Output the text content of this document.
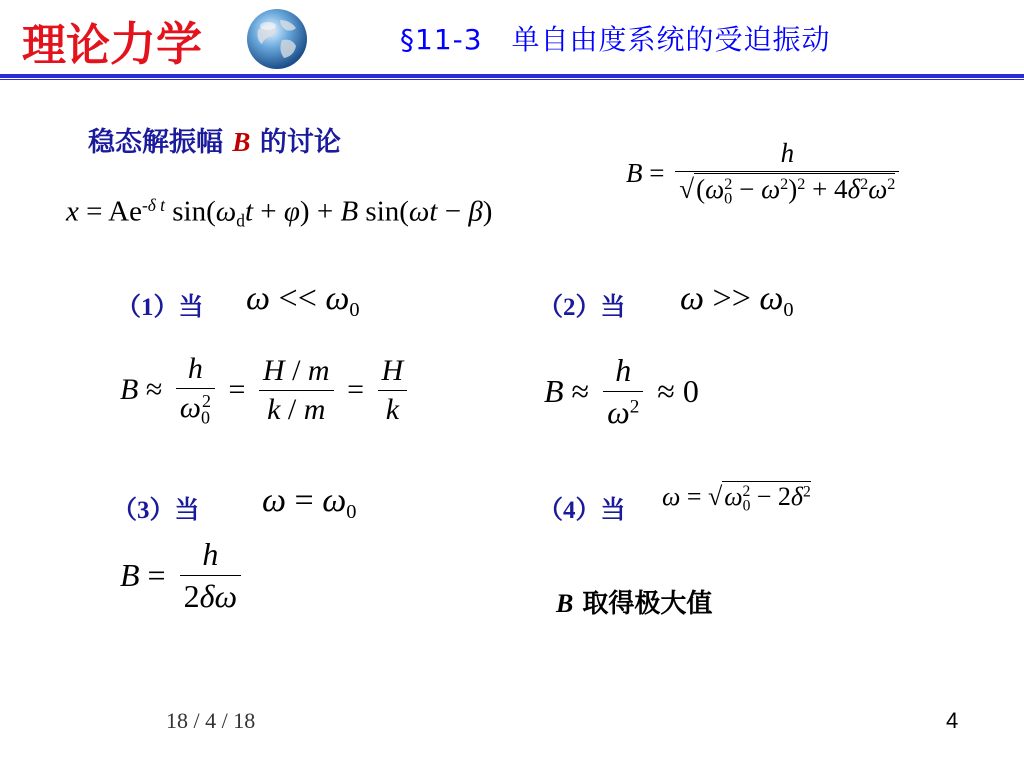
理论力学	§11-3　单自由度系统的受迫振动
稳态解振幅 B 的讨论
$x = Ae^{-\delta t}$ $\sin(\omega_dt + \varphi) + B$ sin(ωt − β)
$B = \frac{h}{√(\omega_0^2 - \omega^2)^2 + 4\delta^2\omega^2}$
（1）当 $\omega << \omega_0$	（2）当 $\omega >> \omega_0$
$B \approx \frac{h}{\omega_0^2} = \frac{H / m}{k / m} = \frac{H}{k}$	$B \approx \frac{h}{\omega^2} \approx 0$
（3）当 $\omega = \omega_0$	（4）当 $\omega = √\omega_0^2 - 2\delta^2$
$B = \frac{h}{2\delta\omega}$	B 取得极大值
18 / 4 / 18	4
